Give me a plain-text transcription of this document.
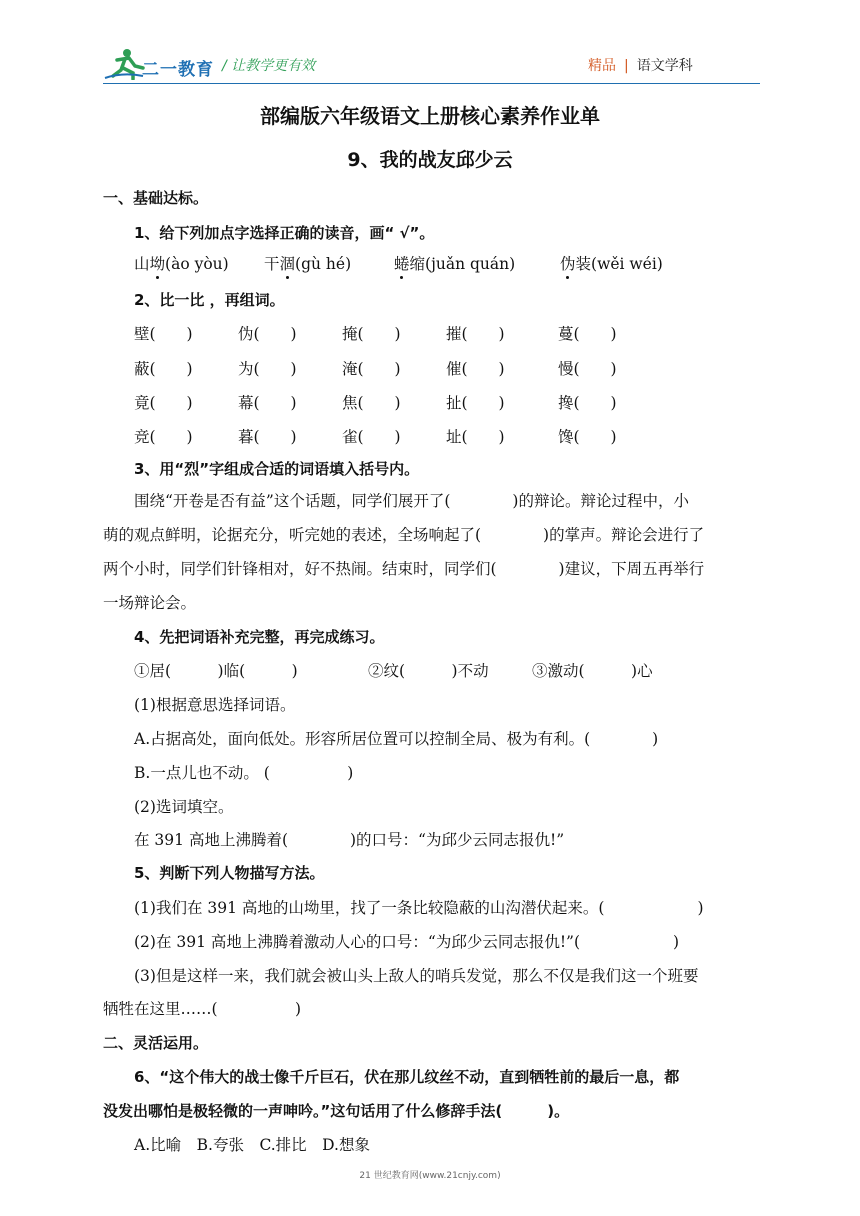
二一教育 / 让教学更有效	精品 | 语文学科
部编版六年级语文上册核心素养作业单
9、我的战友邱少云
一、基础达标。
1、给下列加点字选择正确的读音，画“ √”。
山坳(ào yòu) 干涸(gù hé)	蜷缩(juǎn quán)	伪装(wěi wéi)
2、比一比 ，再组词。
壁(　　)	伪(　　)	掩(　　)	摧(　　)	蔓(　　)
蔽(　　)	为(　　)	淹(　　)	催(　　)	慢(　　)
竟(　　)	幕(　　)	焦(　　)	扯(　　)	搀(　　)
竞(　　)	暮(　　)	雀(　　)	址(　　)	馋(　　)
3、用“烈”字组成合适的词语填入括号内。
围绕“开卷是否有益”这个话题，同学们展开了(　　　　)的辩论。辩论过程中，小
萌的观点鲜明，论据充分，听完她的表述，全场响起了(　　　　)的掌声。辩论会进行了
两个小时，同学们针锋相对，好不热闹。结束时，同学们(　　　　)建议，下周五再举行
一场辩论会。
4、先把词语补充完整，再完成练习。
①居(　　　)临(　　　)	②纹(　　　)不动	③激动(　　　)心
(1)根据意思选择词语。
A.占据高处，面向低处。形容所居位置可以控制全局、极为有利。(　　　　)
B.一点儿也不动。 (　　　　　)
(2)选词填空。
在 391 高地上沸腾着(　　　　)的口号：“为邱少云同志报仇!”
5、判断下列人物描写方法。
(1)我们在 391 高地的山坳里，找了一条比较隐蔽的山沟潜伏起来。(　　　　　　)
(2)在 391 高地上沸腾着激动人心的口号：“为邱少云同志报仇!”(　　　　　　)
(3)但是这样一来，我们就会被山头上敌人的哨兵发觉，那么不仅是我们这一个班要
牺牲在这里……(　　　　　)
二、灵活运用。
6、“这个伟大的战士像千斤巨石，伏在那儿纹丝不动，直到牺牲前的最后一息，都
没发出哪怕是极轻微的一声呻吟。”这句话用了什么修辞手法(　　　)。
A.比喻　B.夸张　C.排比　D.想象
21 世纪教育网(www.21cnjy.com)
